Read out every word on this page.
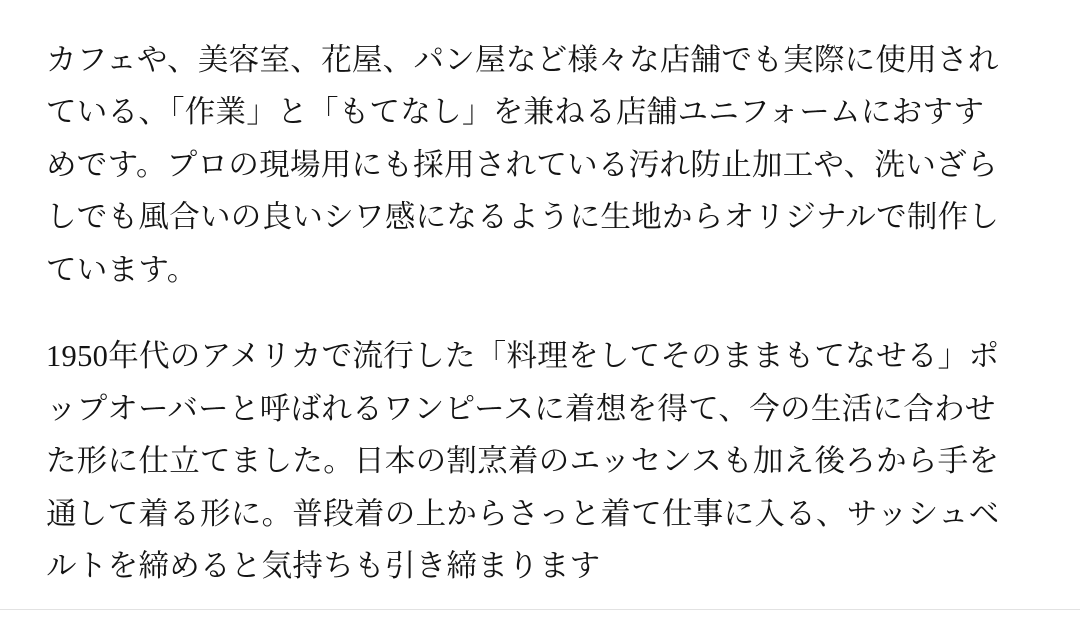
カフェや、美容室、花屋、パン屋など様々な店舗でも実際に使用されている、「作業」と「もてなし」を兼ねる店舗ユニフォームにおすすめです。プロの現場用にも採用されている汚れ防止加工や、洗いざらしでも風合いの良いシワ感になるように生地からオリジナルで制作しています。

1950年代のアメリカで流行した「料理をしてそのままもてなせる」ポップオーバーと呼ばれるワンピースに着想を得て、今の生活に合わせた形に仕立てました。日本の割烹着のエッセンスも加え後ろから手を通して着る形に。普段着の上からさっと着て仕事に入る、サッシュベルトを締めると気持ちも引き締まります
